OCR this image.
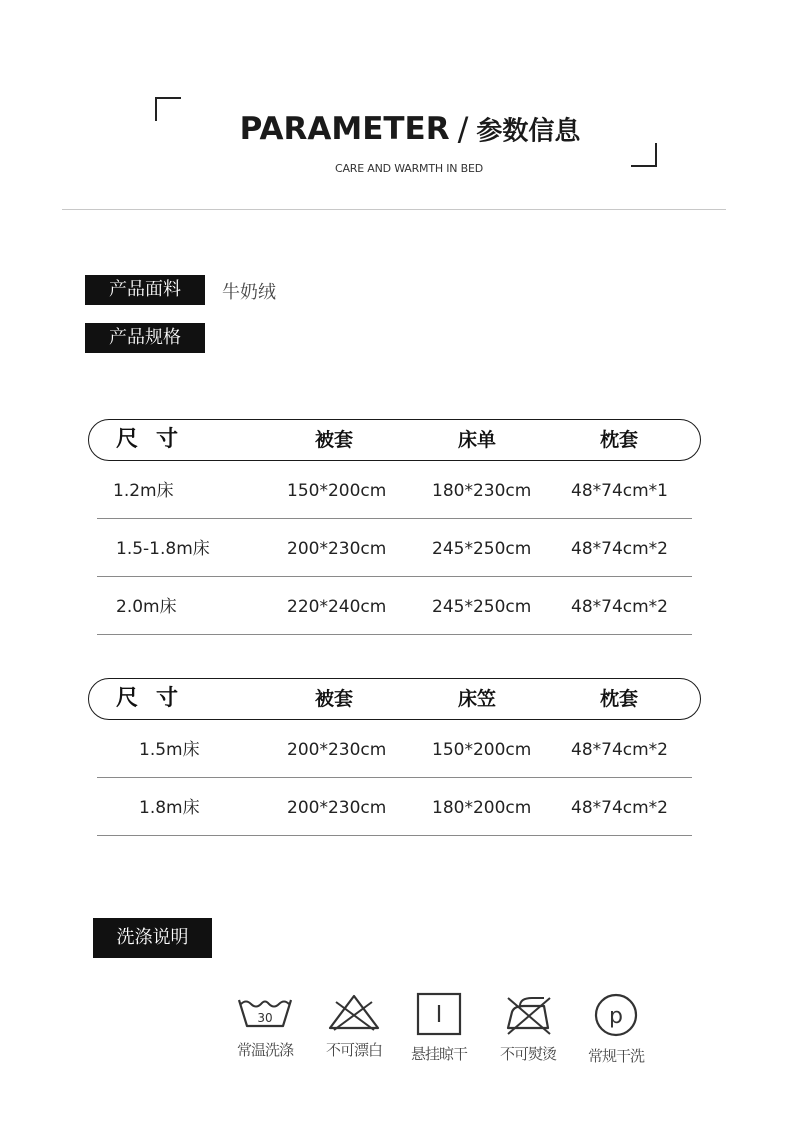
PARAMETER / 参数信息
CARE AND WARMTH IN BED
产品面料	牛奶绒
产品规格
尺寸	被套	床单	枕套
1.2m床	150*200cm	180*230cm 48*74cm*1
1.5-1.8m床	200*230cm	245*250cm 48*74cm*2
2.0m床	220*240cm	245*250cm 48*74cm*2
尺寸	被套	床笠	枕套
1.5m床	200*230cm	150*200cm 48*74cm*2
1.8m床	200*230cm	180*200cm 48*74cm*2
洗涤说明
30
常温洗涤	不可漂白	悬挂晾干	不可熨烫
p
常规干洗
